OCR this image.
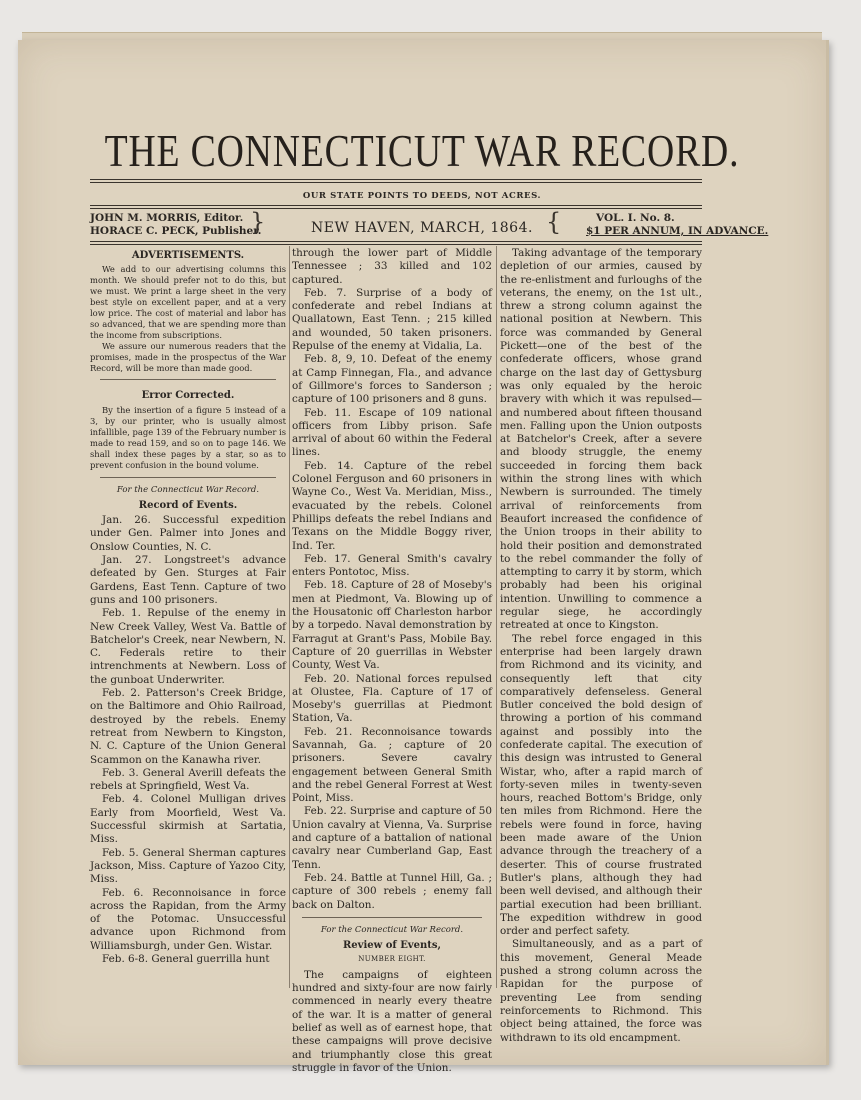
THE CONNECTICUT WAR RECORD.
OUR STATE POINTS TO DEEDS, NOT ACRES.
JOHN M. MORRIS, Editor.
HORACE C. PECK, Publisher.
}	NEW HAVEN, MARCH, 1864. {	VOL. I. No. 8.
$1 PER ANNUM, IN ADVANCE.
ADVERTISEMENTS.

We add to our advertising columns this month. We should prefer not to do this, but we must. We print a large sheet in the very best style on excellent paper, and at a very low price. The cost of material and labor has so advanced, that we are spending more than the income from subscriptions.

We assure our numerous readers that the promises, made in the prospectus of the War Record, will be more than made good.

Error Corrected.

By the insertion of a figure 5 instead of a 3, by our printer, who is usually almost infallible, page 139 of the February number is made to read 159, and so on to page 146. We shall index these pages by a star, so as to prevent confusion in the bound volume.

For the Connecticut War Record.
Record of Events.

Jan. 26. Successful expedition under Gen. Palmer into Jones and Onslow Counties, N. C.

Jan. 27. Longstreet's advance defeated by Gen. Sturges at Fair Gardens, East Tenn. Capture of two guns and 100 prisoners.

Feb. 1. Repulse of the enemy in New Creek Valley, West Va. Battle of Batchelor's Creek, near Newbern, N. C. Federals retire to their intrenchments at Newbern. Loss of the gunboat Underwriter.

Feb. 2. Patterson's Creek Bridge, on the Baltimore and Ohio Railroad, destroyed by the rebels. Enemy retreat from Newbern to Kingston, N. C. Capture of the Union General Scammon on the Kanawha river.

Feb. 3. General Averill defeats the rebels at Springfield, West Va.

Feb. 4. Colonel Mulligan drives Early from Moorfield, West Va. Successful skirmish at Sartatia, Miss.

Feb. 5. General Sherman captures Jackson, Miss. Capture of Yazoo City, Miss.

Feb. 6. Reconnoisance in force across the Rapidan, from the Army of the Potomac. Unsuccessful advance upon Richmond from Williamsburgh, under Gen. Wistar.

Feb. 6-8. General guerrilla hunt

through the lower part of Middle Tennessee ; 33 killed and 102 captured.

Feb. 7. Surprise of a body of confederate and rebel Indians at Quallatown, East Tenn. ; 215 killed and wounded, 50 taken prisoners. Repulse of the enemy at Vidalia, La.

Feb. 8, 9, 10. Defeat of the enemy at Camp Finnegan, Fla., and advance of Gillmore's forces to Sanderson ; capture of 100 prisoners and 8 guns.

Feb. 11. Escape of 109 national officers from Libby prison. Safe arrival of about 60 within the Federal lines.

Feb. 14. Capture of the rebel Colonel Ferguson and 60 prisoners in Wayne Co., West Va. Meridian, Miss., evacuated by the rebels. Colonel Phillips defeats the rebel Indians and Texans on the Middle Boggy river, Ind. Ter.

Feb. 17. General Smith's cavalry enters Pontotoc, Miss.

Feb. 18. Capture of 28 of Moseby's men at Piedmont, Va. Blowing up of the Housatonic off Charleston harbor by a torpedo. Naval demonstration by Farragut at Grant's Pass, Mobile Bay. Capture of 20 guerrillas in Webster County, West Va.

Feb. 20. National forces repulsed at Olustee, Fla. Capture of 17 of Moseby's guerrillas at Piedmont Station, Va.

Feb. 21. Reconnoisance towards Savannah, Ga. ; capture of 20 prisoners. Severe cavalry engagement between General Smith and the rebel General Forrest at West Point, Miss.

Feb. 22. Surprise and capture of 50 Union cavalry at Vienna, Va. Surprise and capture of a battalion of national cavalry near Cumberland Gap, East Tenn.

Feb. 24. Battle at Tunnel Hill, Ga. ; capture of 300 rebels ; enemy fall back on Dalton.

For the Connecticut War Record.
Review of Events,
NUMBER EIGHT.

The campaigns of eighteen hundred and sixty-four are now fairly commenced in nearly every theatre of the war. It is a matter of general belief as well as of earnest hope, that these campaigns will prove decisive and triumphantly close this great struggle in favor of the Union.

Taking advantage of the temporary depletion of our armies, caused by the re-enlistment and furloughs of the veterans, the enemy, on the 1st ult., threw a strong column against the national position at Newbern. This force was commanded by General Pickett—one of the best of the confederate officers, whose grand charge on the last day of Gettysburg was only equaled by the heroic bravery with which it was repulsed—and numbered about fifteen thousand men. Falling upon the Union outposts at Batchelor's Creek, after a severe and bloody struggle, the enemy succeeded in forcing them back within the strong lines with which Newbern is surrounded. The timely arrival of reinforcements from Beaufort increased the confidence of the Union troops in their ability to hold their position and demonstrated to the rebel commander the folly of attempting to carry it by storm, which probably had been his original intention. Unwilling to commence a regular siege, he accordingly retreated at once to Kingston.

The rebel force engaged in this enterprise had been largely drawn from Richmond and its vicinity, and consequently left that city comparatively defenseless. General Butler conceived the bold design of throwing a portion of his command against and possibly into the confederate capital. The execution of this design was intrusted to General Wistar, who, after a rapid march of forty-seven miles in twenty-seven hours, reached Bottom's Bridge, only ten miles from Richmond. Here the rebels were found in force, having been made aware of the Union advance through the treachery of a deserter. This of course frustrated Butler's plans, although they had been well devised, and although their partial execution had been brilliant. The expedition withdrew in good order and perfect safety.

Simultaneously, and as a part of this movement, General Meade pushed a strong column across the Rapidan for the purpose of preventing Lee from sending reinforcements to Richmond. This object being attained, the force was withdrawn to its old encampment.
